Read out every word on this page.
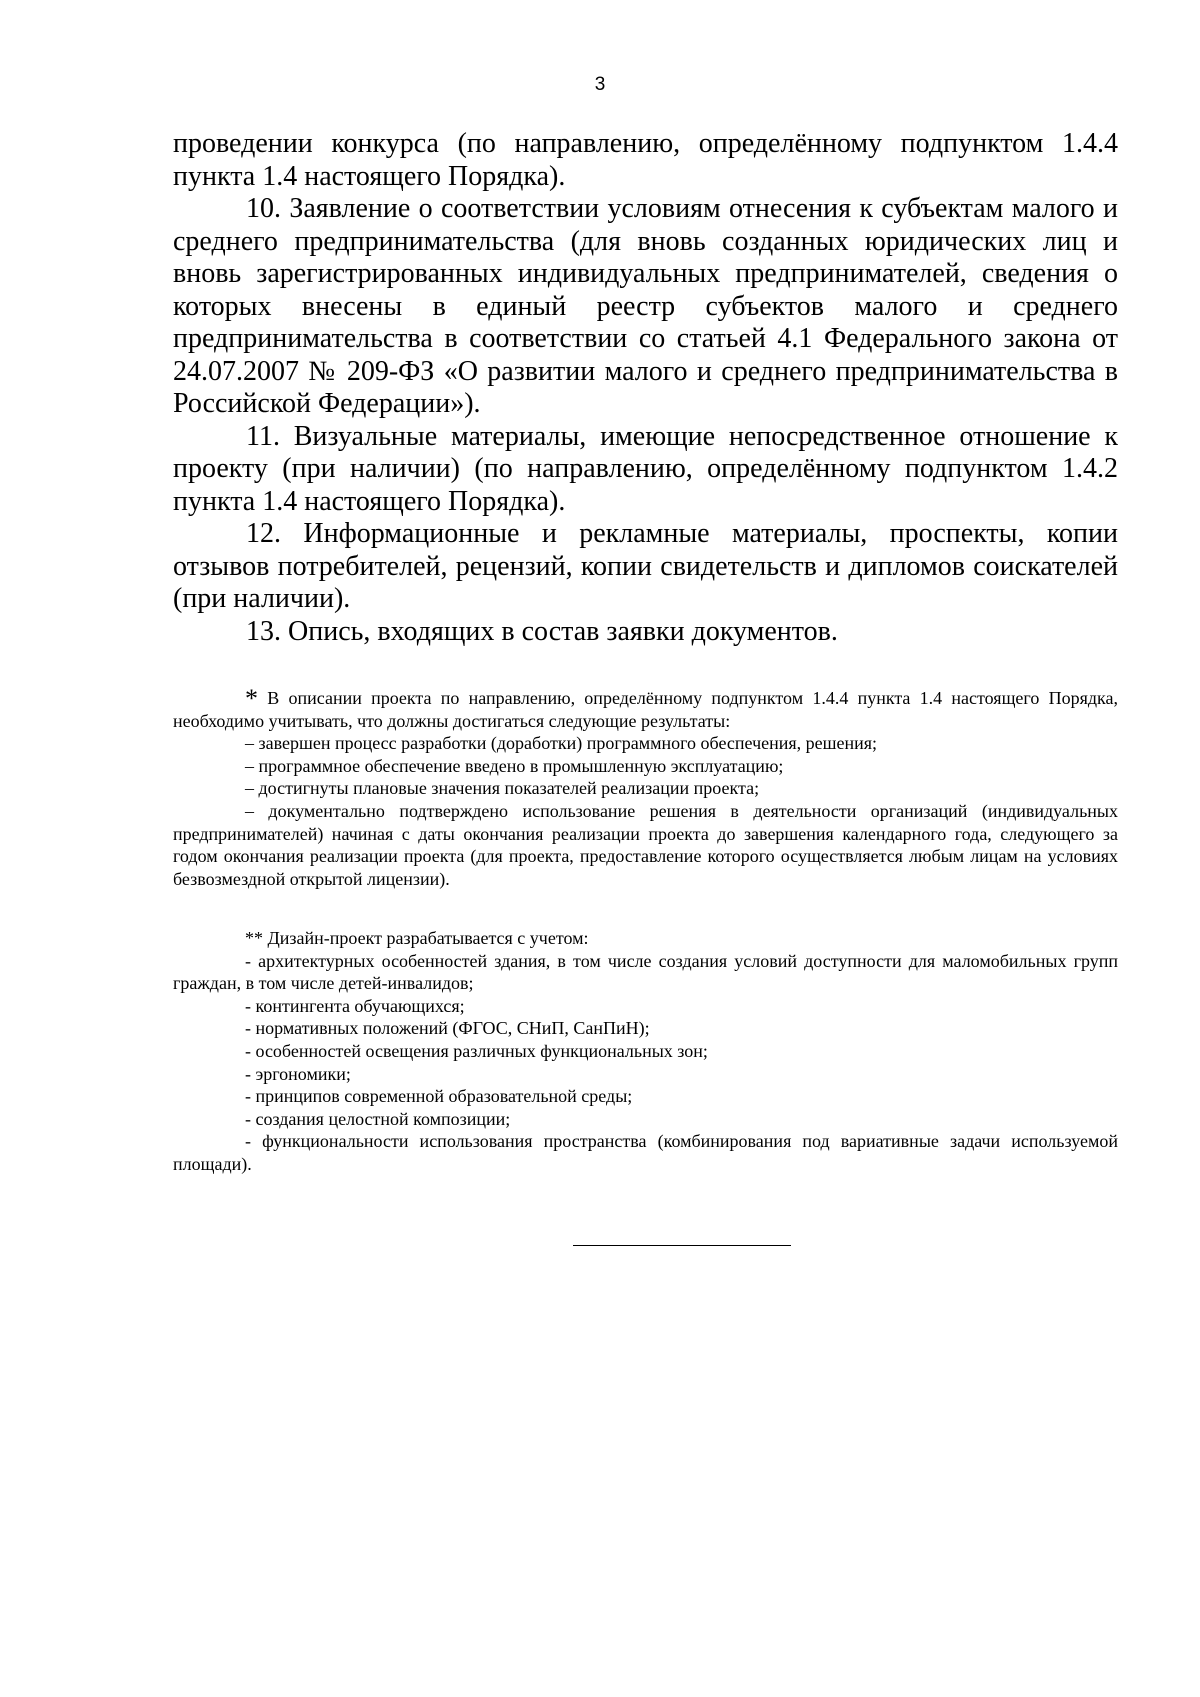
3

проведении конкурса (по направлению, определённому подпунктом 1.4.4 пункта 1.4 настоящего Порядка).

10. Заявление о соответствии условиям отнесения к субъектам малого и среднего предпринимательства (для вновь созданных юридических лиц и вновь зарегистрированных индивидуальных предпринимателей, сведения о которых внесены в единый реестр субъектов малого и среднего предпринимательства в соответствии со статьей 4.1 Федерального закона от 24.07.2007 № 209-ФЗ «О развитии малого и среднего предпринимательства в Российской Федерации»).

11. Визуальные материалы, имеющие непосредственное отношение к проекту (при наличии) (по направлению, определённому подпунктом 1.4.2 пункта 1.4 настоящего Порядка).

12. Информационные и рекламные материалы, проспекты, копии отзывов потребителей, рецензий, копии свидетельств и дипломов соискателей (при наличии).

13. Опись, входящих в состав заявки документов.

* В описании проекта по направлению, определённому подпунктом 1.4.4 пункта 1.4 настоящего Порядка, необходимо учитывать, что должны достигаться следующие результаты:

– завершен процесс разработки (доработки) программного обеспечения, решения;

– программное обеспечение введено в промышленную эксплуатацию;

– достигнуты плановые значения показателей реализации проекта;

– документально подтверждено использование решения в деятельности организаций (индивидуальных предпринимателей) начиная с даты окончания реализации проекта до завершения календарного года, следующего за годом окончания реализации проекта (для проекта, предоставление которого осуществляется любым лицам на условиях безвозмездной открытой лицензии).

** Дизайн-проект разрабатывается с учетом:

- архитектурных особенностей здания, в том числе создания условий доступности для маломобильных групп граждан, в том числе детей-инвалидов;

- контингента обучающихся;

- нормативных положений (ФГОС, СНиП, СанПиН);

- особенностей освещения различных функциональных зон;

- эргономики;

- принципов современной образовательной среды;

- создания целостной композиции;

- функциональности использования пространства (комбинирования под вариативные задачи используемой площади).
